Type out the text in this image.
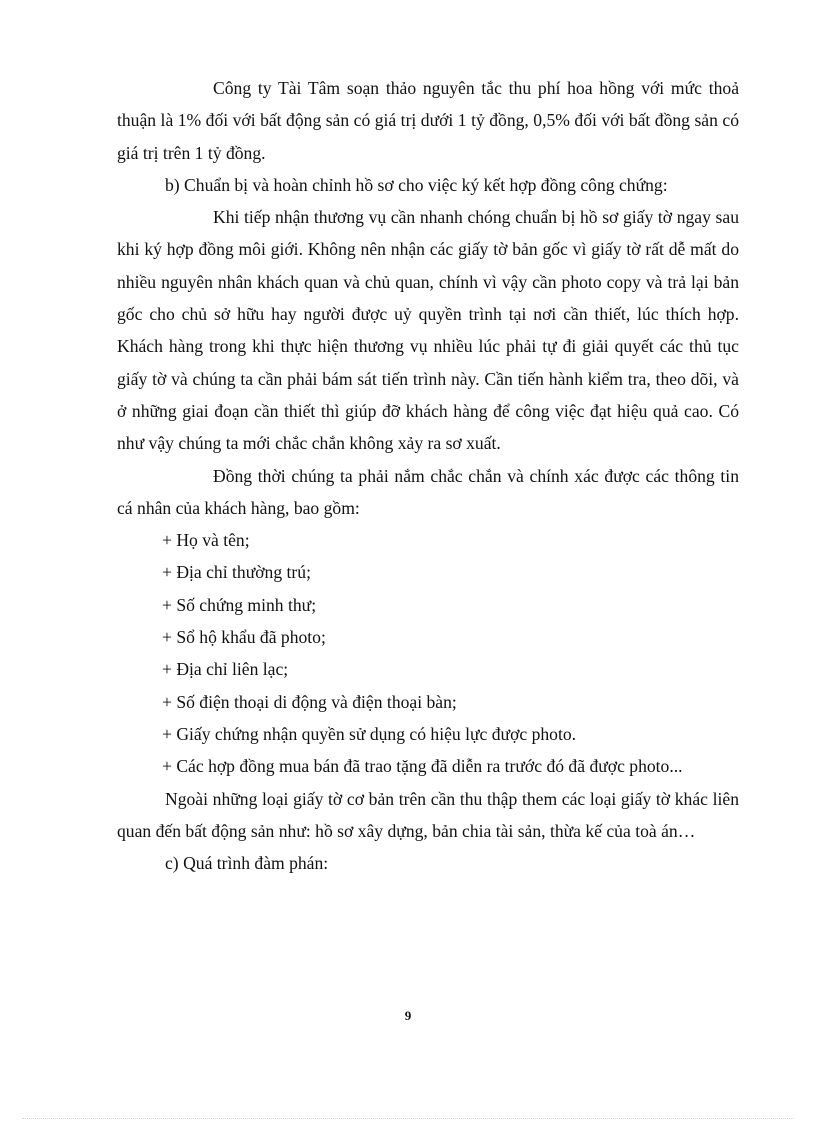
Công ty Tài Tâm soạn thảo nguyên tắc thu phí hoa hồng với mức thoả thuận là 1% đối với bất động sản có giá trị dưới 1 tỷ đồng, 0,5% đối với bất đồng sản có giá trị trên 1 tỷ đồng.

b) Chuẩn bị và hoàn chỉnh hồ sơ cho việc ký kết hợp đồng công chứng:

Khi tiếp nhận thương vụ cần nhanh chóng chuẩn bị hồ sơ giấy tờ ngay sau khi ký hợp đồng môi giới. Không nên nhận các giấy tờ bản gốc vì giấy tờ rất dễ mất do nhiều nguyên nhân khách quan và chủ quan, chính vì vậy cần photo copy và trả lại bản gốc cho chủ sở hữu hay người được uỷ quyền trình tại nơi cần thiết, lúc thích hợp. Khách hàng trong khi thực hiện thương vụ nhiều lúc phải tự đi giải quyết các thủ tục giấy tờ và chúng ta cần phải bám sát tiến trình này. Cần tiến hành kiểm tra, theo dõi, và ở những giai đoạn cần thiết thì giúp đỡ khách hàng để công việc đạt hiệu quả cao. Có như vậy chúng ta mới chắc chắn không xảy ra sơ xuất.

Đồng thời chúng ta phải nắm chắc chắn và chính xác được các thông tin cá nhân của khách hàng, bao gồm:

+ Họ và tên;

+ Địa chỉ thường trú;

+ Số chứng minh thư;

+ Sổ hộ khẩu đã photo;

+ Địa chỉ liên lạc;

+ Số điện thoại di động và điện thoại bàn;

+ Giấy chứng nhận quyền sử dụng có hiệu lực được photo.

+ Các hợp đồng mua bán đã trao tặng đã diễn ra trước đó đã được photo...

Ngoài những loại giấy tờ cơ bản trên cần thu thập them các loại giấy tờ khác liên quan đến bất động sản như: hồ sơ xây dựng, bản chia tài sản, thừa kế của toà án…

c) Quá trình đàm phán:

9
